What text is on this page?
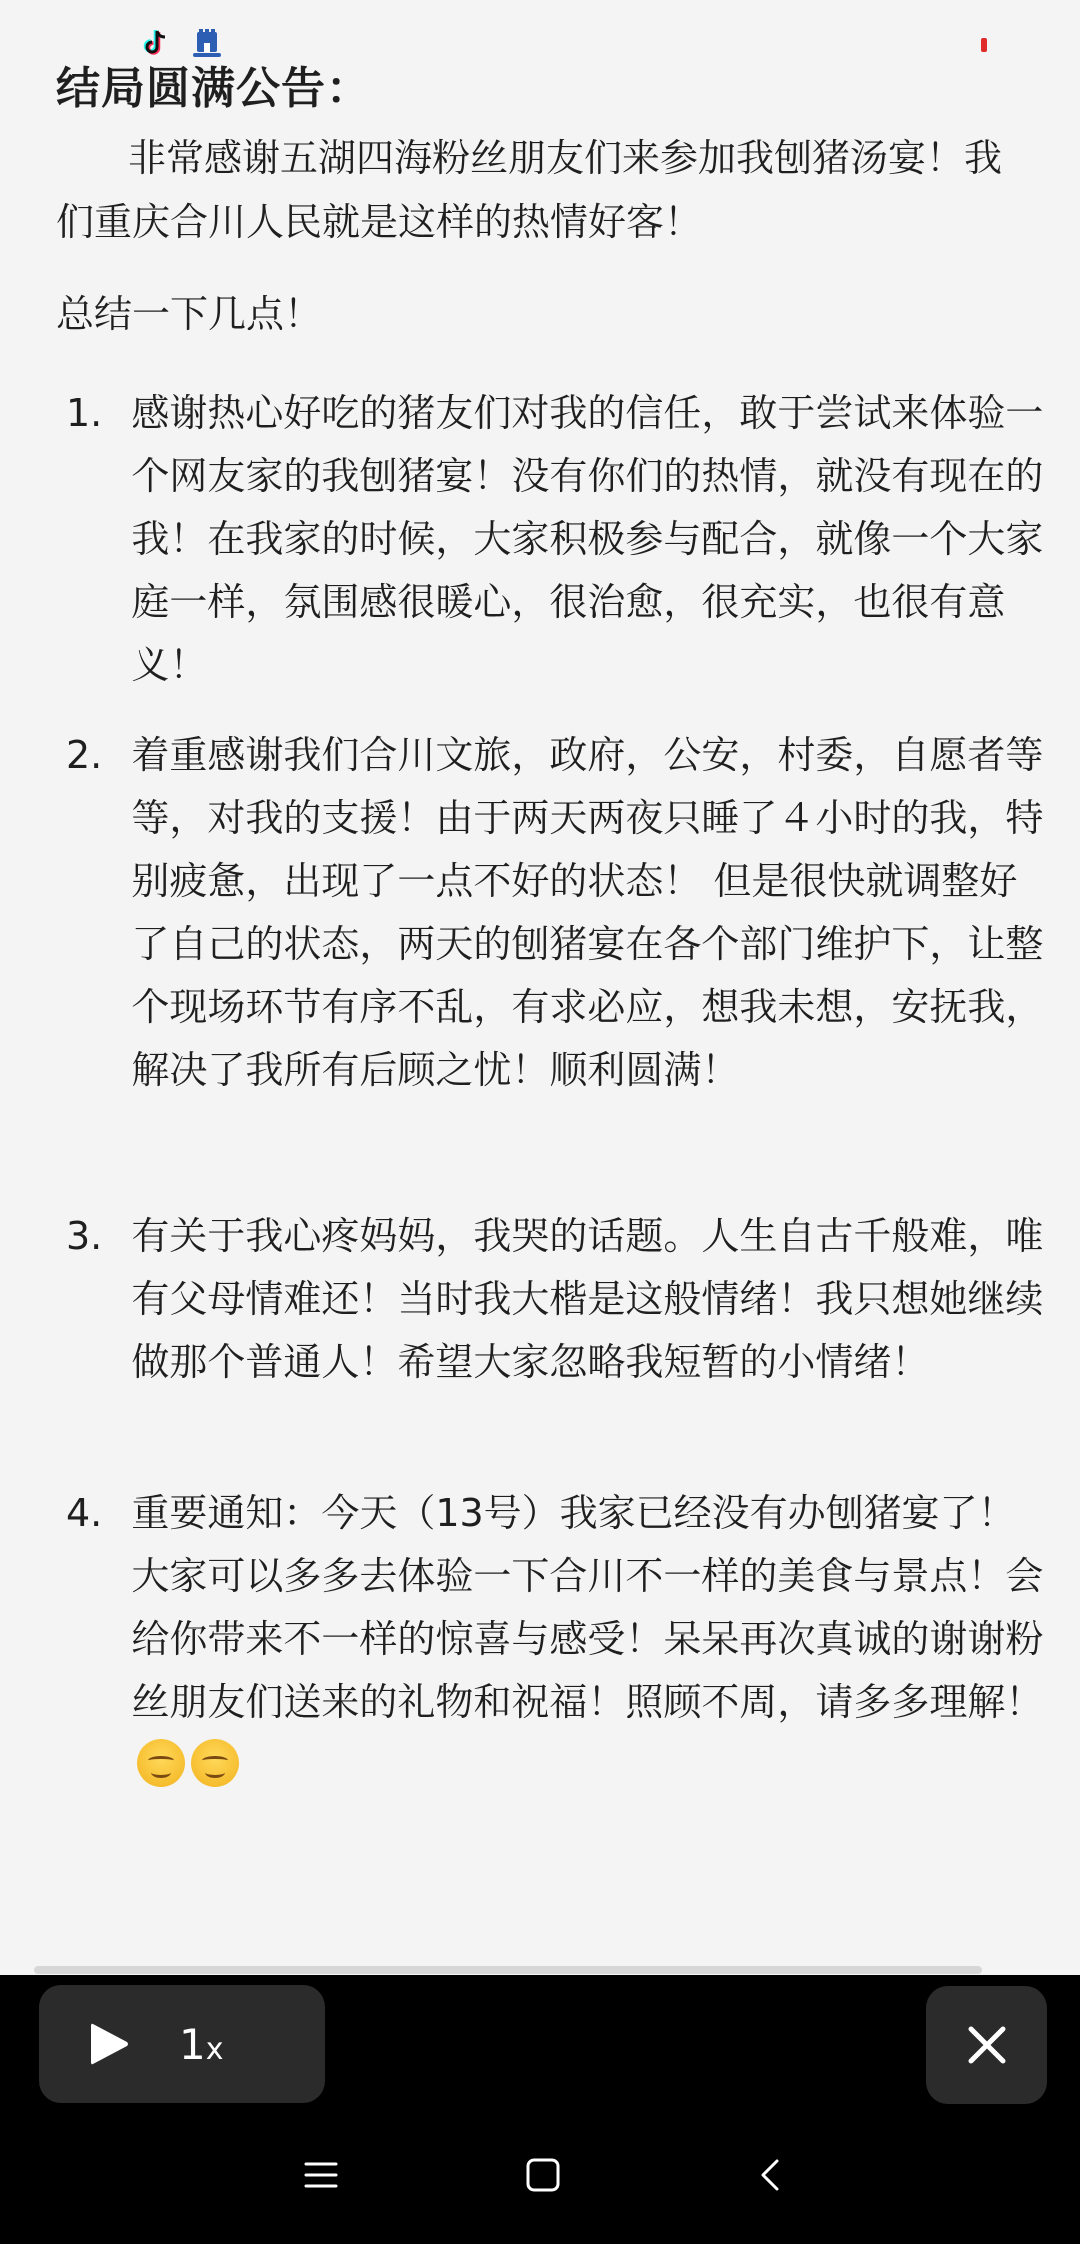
结局圆满公告：
非常感谢五湖四海粉丝朋友们来参加我刨猪汤宴！我们重庆合川人民就是这样的热情好客！
总结一下几点！
1. 感谢热心好吃的猪友们对我的信任，敢于尝试来体验一个网友家的我刨猪宴！没有你们的热情，就没有现在的我！在我家的时候，大家积极参与配合，就像一个大家庭一样，氛围感很暖心，很治愈，很充实，也很有意义！
2. 着重感谢我们合川文旅，政府，公安，村委，自愿者等等，对我的支援！由于两天两夜只睡了４小时的我，特别疲惫，出现了一点不好的状态！ 但是很快就调整好了自己的状态，两天的刨猪宴在各个部门维护下，让整个现场环节有序不乱，有求必应，想我未想，安抚我，解决了我所有后顾之忧！顺利圆满！
3. 有关于我心疼妈妈，我哭的话题。人生自古千般难，唯有父母情难还！当时我大楷是这般情绪！我只想她继续做那个普通人！希望大家忽略我短暂的小情绪！
4. 重要通知：今天（13号）我家已经没有办刨猪宴了！大家可以多多去体验一下合川不一样的美食与景点！会给你带来不一样的惊喜与感受！呆呆再次真诚的谢谢粉丝朋友们送来的礼物和祝福！照顾不周，请多多理解！
1x
